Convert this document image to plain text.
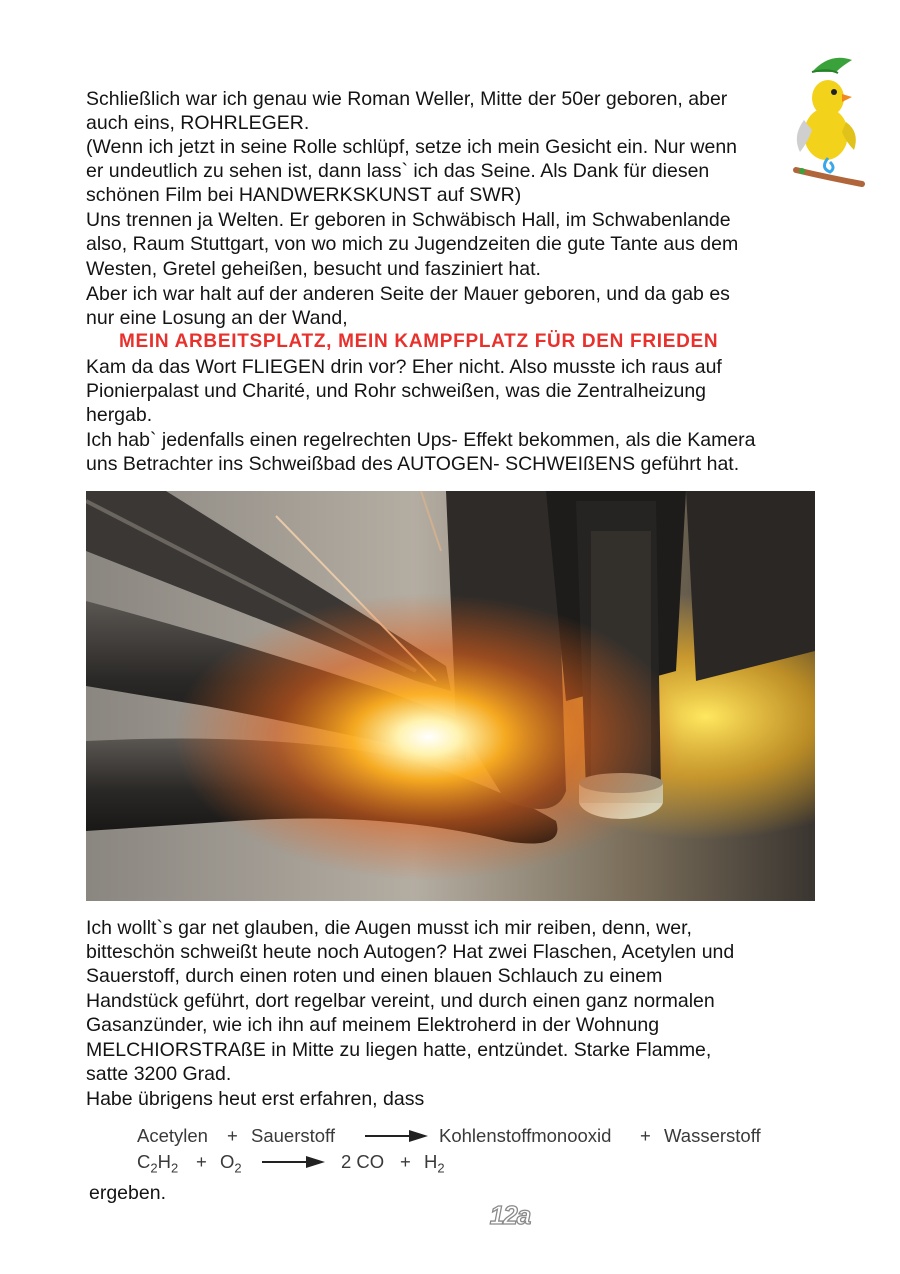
Schließlich war ich genau wie Roman Weller, Mitte der 50er geboren, aber
auch eins, ROHRLEGER.
(Wenn ich jetzt in seine Rolle schlüpf, setze ich mein Gesicht ein. Nur wenn
er undeutlich zu sehen ist, dann lass` ich das Seine. Als Dank für diesen
schönen Film bei HANDWERKSKUNST auf SWR)
Uns trennen ja Welten. Er geboren in Schwäbisch Hall, im Schwabenlande
also, Raum Stuttgart, von wo mich zu Jugendzeiten die gute Tante aus dem
Westen, Gretel geheißen, besucht und fasziniert hat.
Aber ich war halt auf der anderen Seite der Mauer geboren, und da gab es
nur eine Losung an der Wand,
MEIN ARBEITSPLATZ, MEIN KAMPFPLATZ FÜR DEN FRIEDEN
Kam da das Wort FLIEGEN drin vor? Eher nicht. Also musste ich raus auf
Pionierpalast und Charité, und Rohr schweißen, was die Zentralheizung
hergab.
Ich hab` jedenfalls einen regelrechten Ups- Effekt bekommen, als die Kamera
uns Betrachter ins Schweißbad des AUTOGEN- SCHWEIßENS geführt hat.
Ich wollt`s gar net glauben, die Augen musst ich mir reiben, denn, wer,
bitteschön schweißt heute noch Autogen? Hat zwei Flaschen, Acetylen und
Sauerstoff, durch einen roten und einen blauen Schlauch zu einem
Handstück geführt, dort regelbar vereint, und durch einen ganz normalen
Gasanzünder, wie ich ihn auf meinem Elektroherd in der Wohnung
MELCHIORSTRAßE in Mitte zu liegen hatte, entzündet. Starke Flamme,
satte 3200 Grad.
Habe übrigens heut erst erfahren, dass
Acetylen + Sauerstoff → Kohlenstoffmonooxid + Wasserstoff
$C_2H_2 + O_2 \to 2$ CO + $H_2$
ergeben.
12a
